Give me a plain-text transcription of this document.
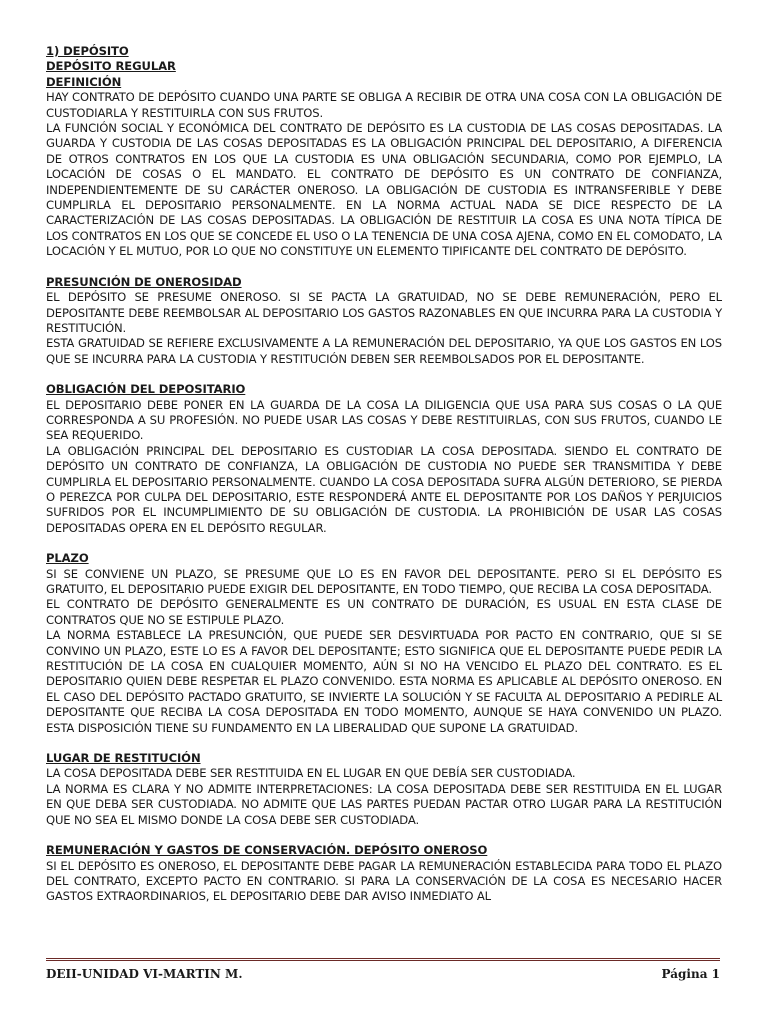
1) DEPÓSITO
DEPÓSITO REGULAR
DEFINICIÓN

HAY CONTRATO DE DEPÓSITO CUANDO UNA PARTE SE OBLIGA A RECIBIR DE OTRA UNA COSA CON LA OBLIGACIÓN DE CUSTODIARLA Y RESTITUIRLA CON SUS FRUTOS.

LA FUNCIÓN SOCIAL Y ECONÓMICA DEL CONTRATO DE DEPÓSITO ES LA CUSTODIA DE LAS COSAS DEPOSITADAS. LA GUARDA Y CUSTODIA DE LAS COSAS DEPOSITADAS ES LA OBLIGACIÓN PRINCIPAL DEL DEPOSITARIO, A DIFERENCIA DE OTROS CONTRATOS EN LOS QUE LA CUSTODIA ES UNA OBLIGACIÓN SECUNDARIA, COMO POR EJEMPLO, LA LOCACIÓN DE COSAS O EL MANDATO. EL CONTRATO DE DEPÓSITO ES UN CONTRATO DE CONFIANZA, INDEPENDIENTEMENTE DE SU CARÁCTER ONEROSO. LA OBLIGACIÓN DE CUSTODIA ES INTRANSFERIBLE Y DEBE CUMPLIRLA EL DEPOSITARIO PERSONALMENTE. EN LA NORMA ACTUAL NADA SE DICE RESPECTO DE LA CARACTERIZACIÓN DE LAS COSAS DEPOSITADAS. LA OBLIGACIÓN DE RESTITUIR LA COSA ES UNA NOTA TÍPICA DE LOS CONTRATOS EN LOS QUE SE CONCEDE EL USO O LA TENENCIA DE UNA COSA AJENA, COMO EN EL COMODATO, LA LOCACIÓN Y EL MUTUO, POR LO QUE NO CONSTITUYE UN ELEMENTO TIPIFICANTE DEL CONTRATO DE DEPÓSITO.

PRESUNCIÓN DE ONEROSIDAD

EL DEPÓSITO SE PRESUME ONEROSO. SI SE PACTA LA GRATUIDAD, NO SE DEBE REMUNERACIÓN, PERO EL DEPOSITANTE DEBE REEMBOLSAR AL DEPOSITARIO LOS GASTOS RAZONABLES EN QUE INCURRA PARA LA CUSTODIA Y RESTITUCIÓN.

ESTA GRATUIDAD SE REFIERE EXCLUSIVAMENTE A LA REMUNERACIÓN DEL DEPOSITARIO, YA QUE LOS GASTOS EN LOS QUE SE INCURRA PARA LA CUSTODIA Y RESTITUCIÓN DEBEN SER REEMBOLSADOS POR EL DEPOSITANTE.

OBLIGACIÓN DEL DEPOSITARIO

EL DEPOSITARIO DEBE PONER EN LA GUARDA DE LA COSA LA DILIGENCIA QUE USA PARA SUS COSAS O LA QUE CORRESPONDA A SU PROFESIÓN. NO PUEDE USAR LAS COSAS Y DEBE RESTITUIRLAS, CON SUS FRUTOS, CUANDO LE SEA REQUERIDO.

LA OBLIGACIÓN PRINCIPAL DEL DEPOSITARIO ES CUSTODIAR LA COSA DEPOSITADA. SIENDO EL CONTRATO DE DEPÓSITO UN CONTRATO DE CONFIANZA, LA OBLIGACIÓN DE CUSTODIA NO PUEDE SER TRANSMITIDA Y DEBE CUMPLIRLA EL DEPOSITARIO PERSONALMENTE. CUANDO LA COSA DEPOSITADA SUFRA ALGÚN DETERIORO, SE PIERDA O PEREZCA POR CULPA DEL DEPOSITARIO, ESTE RESPONDERÁ ANTE EL DEPOSITANTE POR LOS DAÑOS Y PERJUICIOS SUFRIDOS POR EL INCUMPLIMIENTO DE SU OBLIGACIÓN DE CUSTODIA. LA PROHIBICIÓN DE USAR LAS COSAS DEPOSITADAS OPERA EN EL DEPÓSITO REGULAR.

PLAZO

SI SE CONVIENE UN PLAZO, SE PRESUME QUE LO ES EN FAVOR DEL DEPOSITANTE. PERO SI EL DEPÓSITO ES GRATUITO, EL DEPOSITARIO PUEDE EXIGIR DEL DEPOSITANTE, EN TODO TIEMPO, QUE RECIBA LA COSA DEPOSITADA.

EL CONTRATO DE DEPÓSITO GENERALMENTE ES UN CONTRATO DE DURACIÓN, ES USUAL EN ESTA CLASE DE CONTRATOS QUE NO SE ESTIPULE PLAZO.

LA NORMA ESTABLECE LA PRESUNCIÓN, QUE PUEDE SER DESVIRTUADA POR PACTO EN CONTRARIO, QUE SI SE CONVINO UN PLAZO, ESTE LO ES A FAVOR DEL DEPOSITANTE; ESTO SIGNIFICA QUE EL DEPOSITANTE PUEDE PEDIR LA RESTITUCIÓN DE LA COSA EN CUALQUIER MOMENTO, AÚN SI NO HA VENCIDO EL PLAZO DEL CONTRATO. ES EL DEPOSITARIO QUIEN DEBE RESPETAR EL PLAZO CONVENIDO. ESTA NORMA ES APLICABLE AL DEPÓSITO ONEROSO. EN EL CASO DEL DEPÓSITO PACTADO GRATUITO, SE INVIERTE LA SOLUCIÓN Y SE FACULTA AL DEPOSITARIO A PEDIRLE AL DEPOSITANTE QUE RECIBA LA COSA DEPOSITADA EN TODO MOMENTO, AUNQUE SE HAYA CONVENIDO UN PLAZO. ESTA DISPOSICIÓN TIENE SU FUNDAMENTO EN LA LIBERALIDAD QUE SUPONE LA GRATUIDAD.

LUGAR DE RESTITUCIÓN

LA COSA DEPOSITADA DEBE SER RESTITUIDA EN EL LUGAR EN QUE DEBÍA SER CUSTODIADA.

LA NORMA ES CLARA Y NO ADMITE INTERPRETACIONES: LA COSA DEPOSITADA DEBE SER RESTITUIDA EN EL LUGAR EN QUE DEBA SER CUSTODIADA. NO ADMITE QUE LAS PARTES PUEDAN PACTAR OTRO LUGAR PARA LA RESTITUCIÓN QUE NO SEA EL MISMO DONDE LA COSA DEBE SER CUSTODIADA.

REMUNERACIÓN Y GASTOS DE CONSERVACIÓN. DEPÓSITO ONEROSO

SI EL DEPÓSITO ES ONEROSO, EL DEPOSITANTE DEBE PAGAR LA REMUNERACIÓN ESTABLECIDA PARA TODO EL PLAZO DEL CONTRATO, EXCEPTO PACTO EN CONTRARIO. SI PARA LA CONSERVACIÓN DE LA COSA ES NECESARIO HACER GASTOS EXTRAORDINARIOS, EL DEPOSITARIO DEBE DAR AVISO INMEDIATO AL

DEII-UNIDAD VI-MARTIN M.	Página 1
